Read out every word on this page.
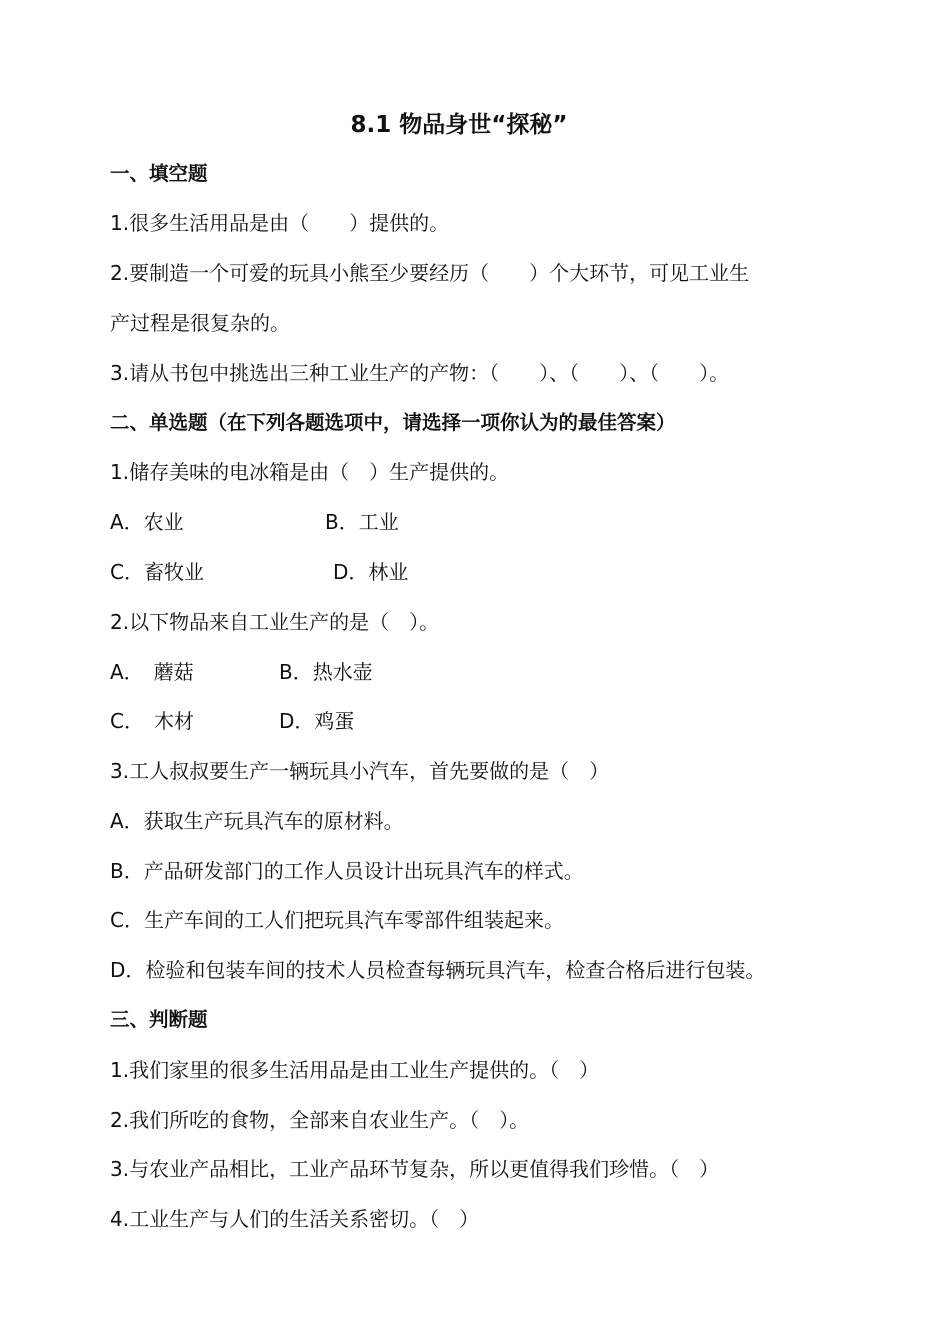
8.1 物品身世“探秘”
一、填空题
1.很多生活用品是由（　　）提供的。
2.要制造一个可爱的玩具小熊至少要经历（　　）个大环节，可见工业生
产过程是很复杂的。
3.请从书包中挑选出三种工业生产的产物：（　　）、（　　）、（　　）。
二、单选题（在下列各题选项中，请选择一项你认为的最佳答案）
1.储存美味的电冰箱是由（　）生产提供的。
A．农业	B．工业
C．畜牧业	D．林业
2.以下物品来自工业生产的是（　）。
A．　蘑菇	B．热水壶
C．　木材	D．鸡蛋
3.工人叔叔要生产一辆玩具小汽车，首先要做的是（　）
A．获取生产玩具汽车的原材料。
B．产品研发部门的工作人员设计出玩具汽车的样式。
C．生产车间的工人们把玩具汽车零部件组装起来。
D．检验和包装车间的技术人员检查每辆玩具汽车，检查合格后进行包装。
三、判断题
1.我们家里的很多生活用品是由工业生产提供的。（　）
2.我们所吃的食物，全部来自农业生产。（　）。
3.与农业产品相比，工业产品环节复杂，所以更值得我们珍惜。（　）
4.工业生产与人们的生活关系密切。（　）
